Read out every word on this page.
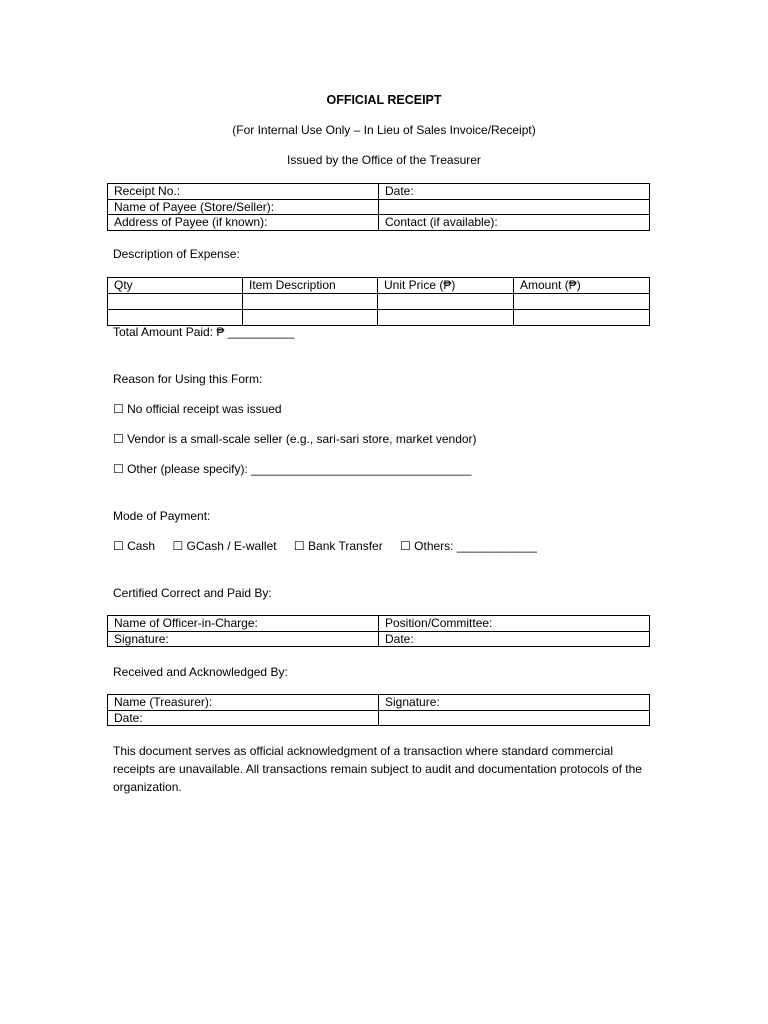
OFFICIAL RECEIPT
(For Internal Use Only – In Lieu of Sales Invoice/Receipt)
Issued by the Office of the Treasurer
Receipt No.:	Date:
Name of Payee (Store/Seller):	
Address of Payee (if known):	Contact (if available):
Description of Expense:
Qty	Item Description	Unit Price (₱)	Amount (₱)

Total Amount Paid: ₱ __________
Reason for Using this Form:
☐ No official receipt was issued
☐ Vendor is a small-scale seller (e.g., sari-sari store, market vendor)
☐ Other (please specify): _________________________________
Mode of Payment:
☐ Cash ☐ GCash / E-wallet ☐ Bank Transfer ☐ Others: ____________
Certified Correct and Paid By:
Name of Officer-in-Charge:	Position/Committee:
Signature:	Date:
Received and Acknowledged By:
Name (Treasurer):	Signature:
Date:	
This document serves as official acknowledgment of a transaction where standard commercial receipts are unavailable. All transactions remain subject to audit and documentation protocols of the organization.
